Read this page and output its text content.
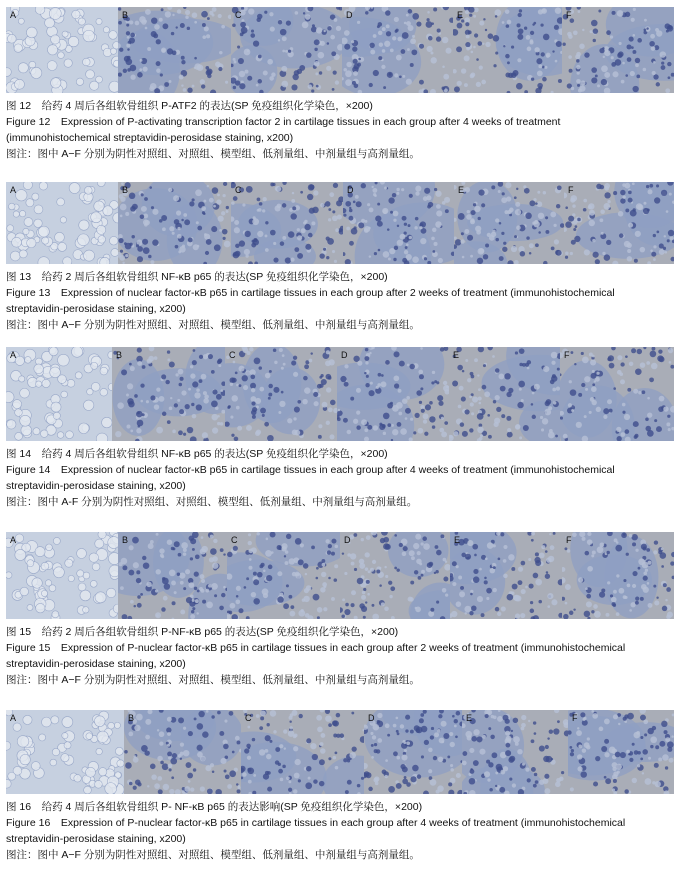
A	B	C	D	E	F
图 12　给药 4 周后各组软骨组织 P-ATF2 的表达(SP 免疫组织化学染色，×200)
Figure 12　Expression of P-activating transcription factor 2 in cartilage tissues in each group after 4 weeks of treatment
(immunohistochemical streptavidin-perosidase staining, x200)
图注：图中 A−F 分别为阴性对照组、对照组、模型组、低剂量组、中剂量组与高剂量组。
A	B	C	D	E	F
图 13　给药 2 周后各组软骨组织 NF-κB p65 的表达(SP 免疫组织化学染色，×200)
Figure 13　Expression of nuclear factor-κB p65 in cartilage tissues in each group after 2 weeks of treatment (immunohistochemical
streptavidin-perosidase staining, x200)
图注：图中 A−F 分别为阴性对照组、对照组、模型组、低剂量组、中剂量组与高剂量组。
A	B	C	D	E	F
图 14　给药 4 周后各组软骨组织 NF-κB p65 的表达(SP 免疫组织化学染色，×200)
Figure 14　Expression of nuclear factor-κB p65 in cartilage tissues in each group after 4 weeks of treatment (immunohistochemical
streptavidin-perosidase staining, x200)
图注：图中 A-F 分别为阴性对照组、对照组、模型组、低剂量组、中剂量组与高剂量组。
A	B	C	D	E	F
图 15　给药 2 周后各组软骨组织 P-NF-κB p65 的表达(SP 免疫组织化学染色，×200)
Figure 15　Expression of P-nuclear factor-κB p65 in cartilage tissues in each group after 2 weeks of treatment (immunohistochemical
streptavidin-perosidase staining, x200)
图注：图中 A−F 分别为阴性对照组、对照组、模型组、低剂量组、中剂量组与高剂量组。
A	B	C	D	E	F
图 16　给药 4 周后各组软骨组织 P- NF-κB p65 的表达影响(SP 免疫组织化学染色，×200)
Figure 16　Expression of P-nuclear factor-κB p65 in cartilage tissues in each group after 4 weeks of treatment (immunohistochemical
streptavidin-perosidase staining, x200)
图注：图中 A−F 分别为阴性对照组、对照组、模型组、低剂量组、中剂量组与高剂量组。
